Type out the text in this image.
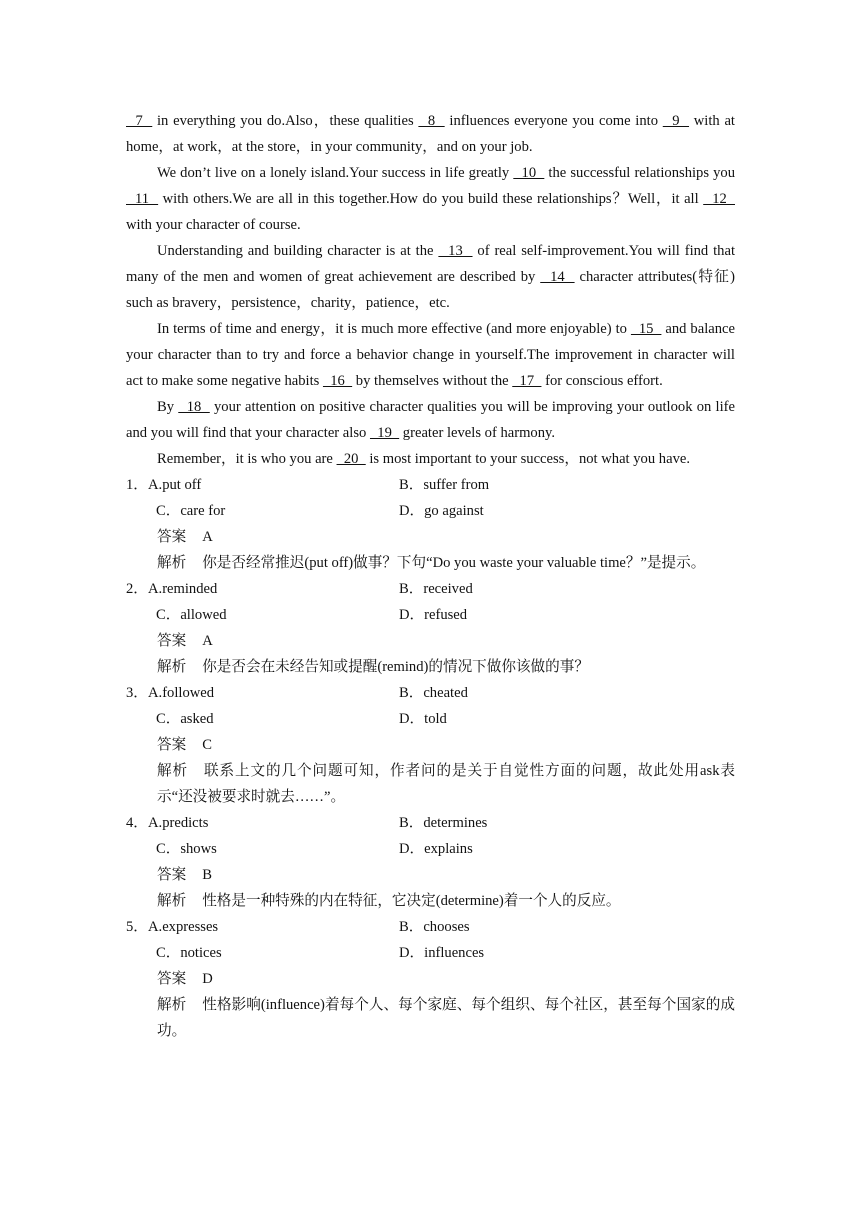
7   in everything you do.Also，these qualities   8   influences everyone you come into   9   with at home，at work，at the store，in your community，and on your job.

We don’t live on a lonely island.Your success in life greatly   10   the successful relationships you   11   with others.We are all in this together.How do you build these relationships？Well，it all   12   with your character of course.

Understanding and building character is at the   13   of real self-improvement.You will find that many of the men and women of great achievement are described by   14   character attributes(特征) such as bravery，persistence，charity，patience，etc.

In terms of time and energy，it is much more effective (and more enjoyable) to   15   and balance your character than to try and force a behavior change in yourself.The improvement in character will act to make some negative habits   16   by themselves without the   17   for conscious effort.

By   18   your attention on positive character qualities you will be improving your outlook on life and you will find that your character also   19   greater levels of harmony.

Remember，it is who you are   20   is most important to your success，not what you have.

1． A.put off	B．suffer from
C．care for	D．go against
答案 A
解析 你是否经常推迟(put off)做事？下句“Do you waste your valuable time？”是提示。
2． A.reminded	B．received
C．allowed	D．refused
答案 A
解析 你是否会在未经告知或提醒(remind)的情况下做你该做的事？
3． A.followed	B．cheated
C．asked	D．told
答案 C
解析 联系上文的几个问题可知，作者问的是关于自觉性方面的问题，故此处用ask表示“还没被要求时就去……”。
4． A.predicts	B．determines
C．shows	D．explains
答案 B
解析 性格是一种特殊的内在特征，它决定(determine)着一个人的反应。
5． A.expresses	B．chooses
C．notices	D．influences
答案 D
解析 性格影响(influence)着每个人、每个家庭、每个组织、每个社区，甚至每个国家的成功。
